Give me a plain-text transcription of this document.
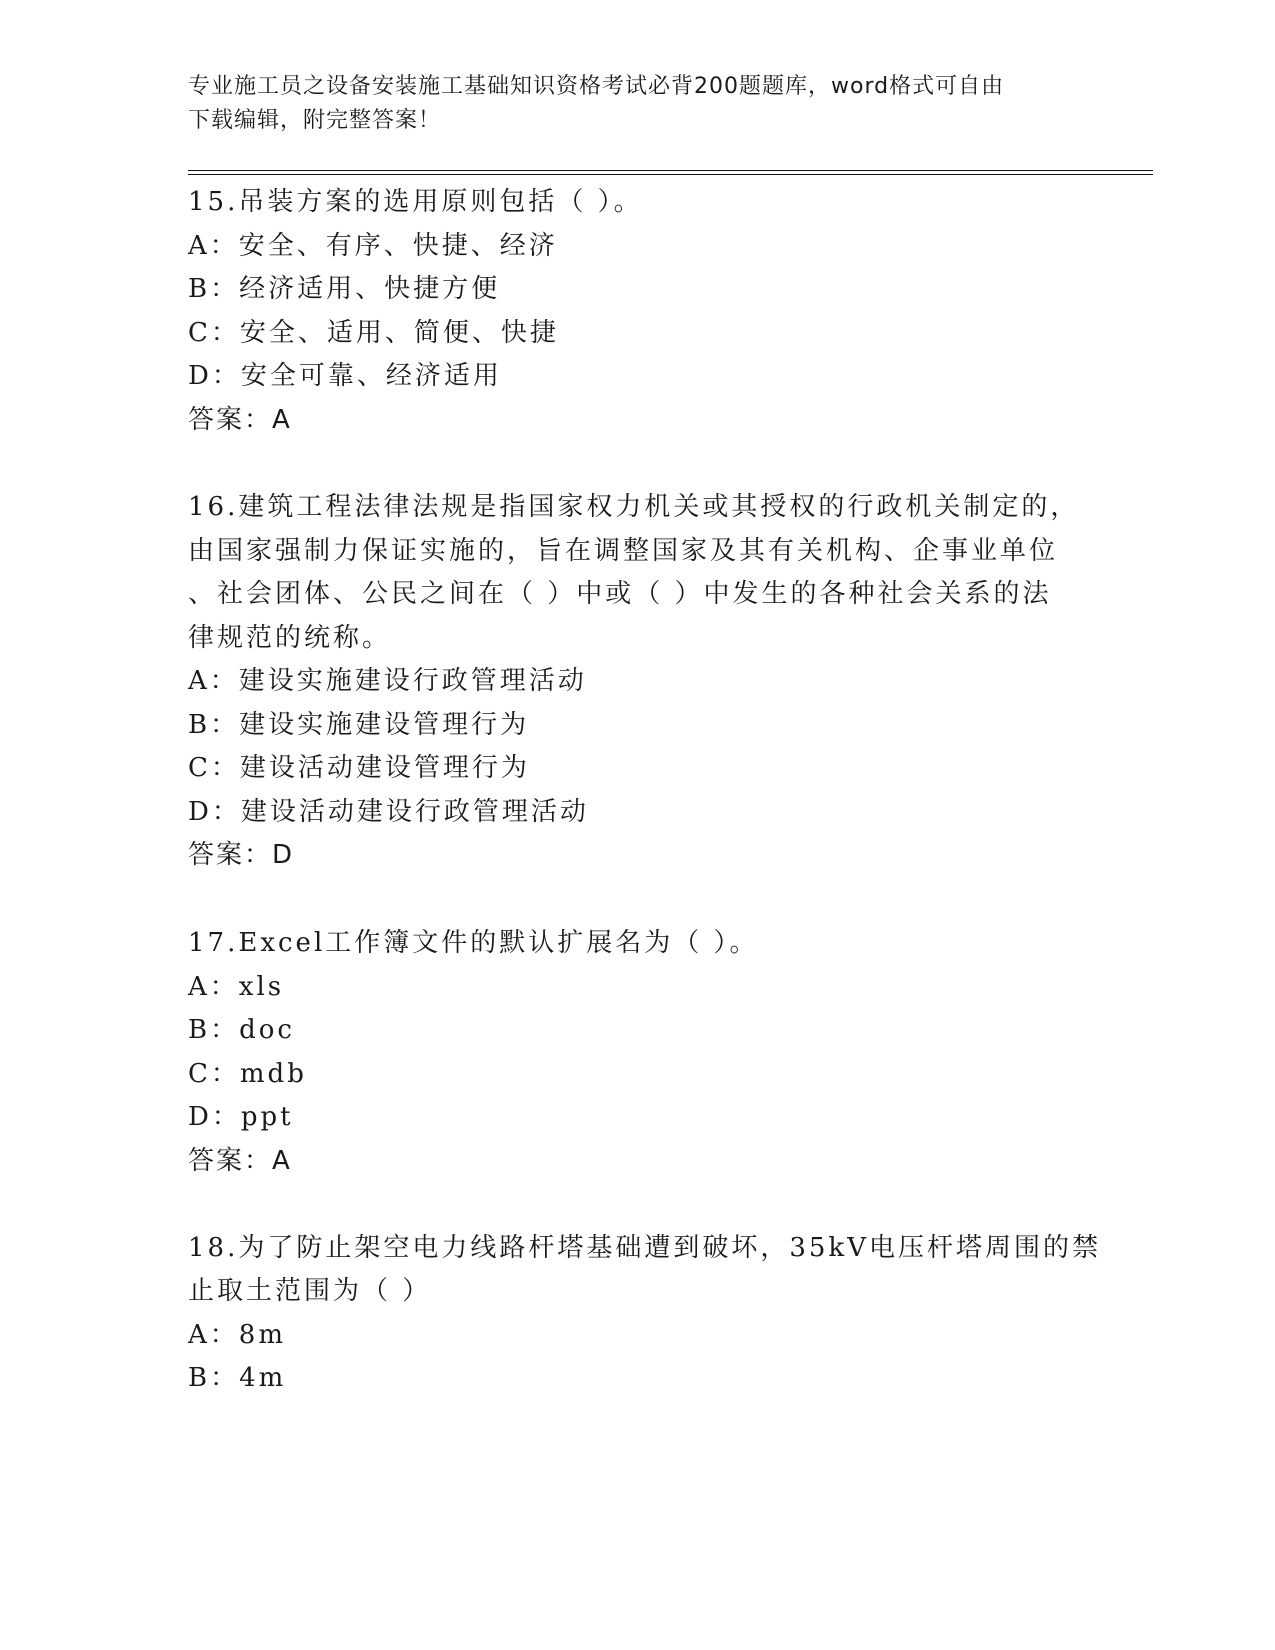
专业施工员之设备安装施工基础知识资格考试必背200题题库，word格式可自由
下载编辑，附完整答案！
15.吊装方案的选用原则包括（ ）。
A：安全、有序、快捷、经济
B：经济适用、快捷方便
C：安全、适用、简便、快捷
D：安全可靠、经济适用
答案：A
16.建筑工程法律法规是指国家权力机关或其授权的行政机关制定的，
由国家强制力保证实施的，旨在调整国家及其有关机构、企事业单位
、社会团体、公民之间在（ ）中或（ ）中发生的各种社会关系的法
律规范的统称。
A：建设实施建设行政管理活动
B：建设实施建设管理行为
C：建设活动建设管理行为
D：建设活动建设行政管理活动
答案：D
17.Excel工作簿文件的默认扩展名为（ ）。
A：xls
B：doc
C：mdb
D：ppt
答案：A
18.为了防止架空电力线路杆塔基础遭到破坏，35kV电压杆塔周围的禁
止取土范围为（ ）
A：8m
B：4m
